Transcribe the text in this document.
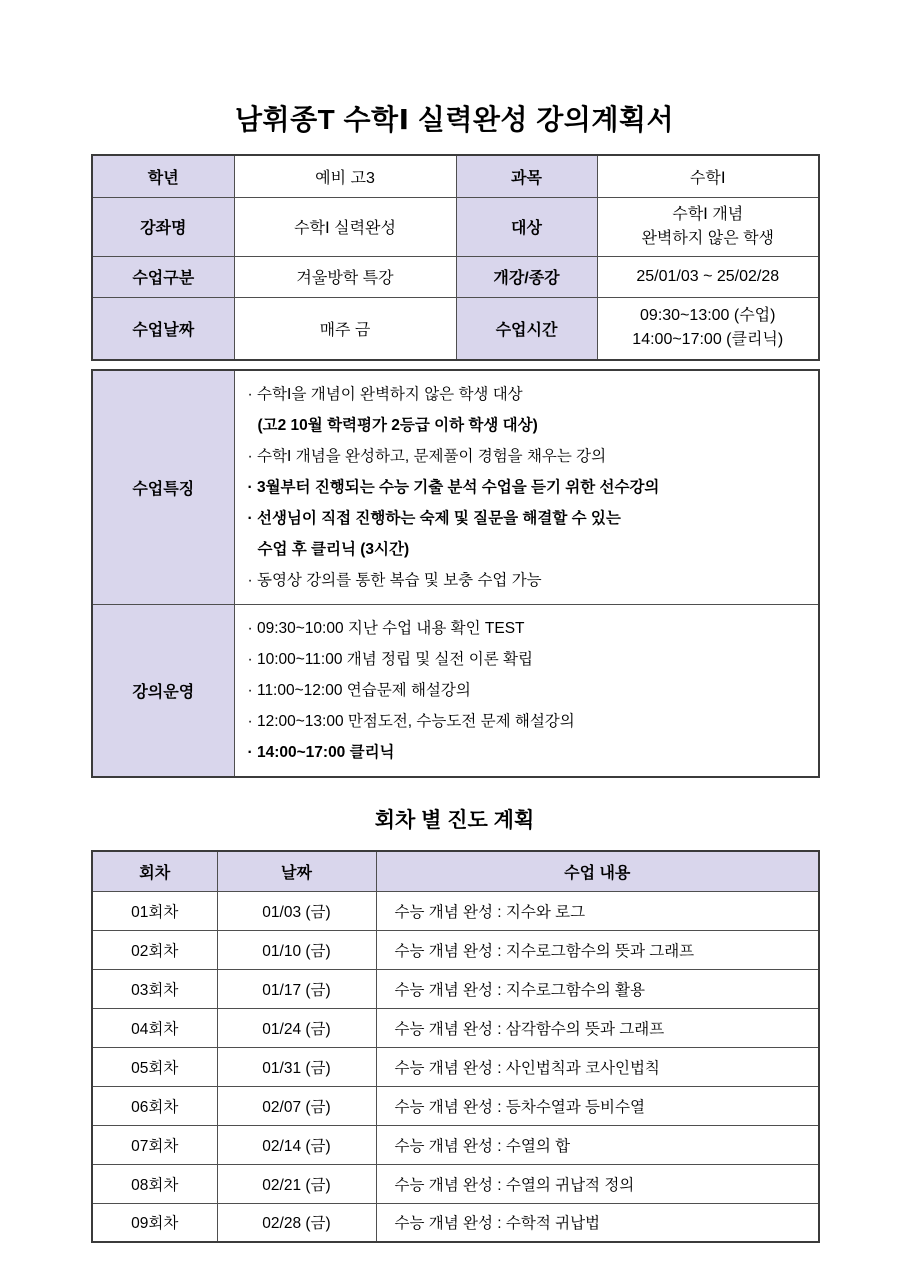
남휘종T 수학Ⅰ 실력완성 강의계획서
학년	예비 고3	과목	수학Ⅰ
강좌명	수학Ⅰ 실력완성	대상	수학Ⅰ 개념
완벽하지 않은 학생

수업구분	겨울방학 특강	개강/종강	25/01/03 ~ 25/02/28
수업날짜	매주 금	수업시간	09:30~13:00 (수업)
14:00~17:00 (클리닉)
수업특징	
· 수학Ⅰ을 개념이 완벽하지 않은 학생 대상
(고2 10월 학력평가 2등급 이하 학생 대상)
· 수학Ⅰ 개념을 완성하고, 문제풀이 경험을 채우는 강의
· 3월부터 진행되는 수능 기출 분석 수업을 듣기 위한 선수강의
· 선생님이 직접 진행하는 숙제 및 질문을 해결할 수 있는
수업 후 클리닉 (3시간)
· 동영상 강의를 통한 복습 및 보충 수업 가능

강의운영	· 09:30~10:00 지난 수업 내용 확인 TEST
· 10:00~11:00 개념 정립 및 실전 이론 확립
· 11:00~12:00 연습문제 해설강의
· 12:00~13:00 만점도전, 수능도전 문제 해설강의
· 14:00~17:00 클리닉
회차 별 진도 계획
회차	날짜	수업 내용
01회차	01/03 (금)	수능 개념 완성 : 지수와 로그
02회차	01/10 (금)	수능 개념 완성 : 지수로그함수의 뜻과 그래프
03회차	01/17 (금)	수능 개념 완성 : 지수로그함수의 활용
04회차	01/24 (금)	수능 개념 완성 : 삼각함수의 뜻과 그래프
05회차	01/31 (금)	수능 개념 완성 : 사인법칙과 코사인법칙
06회차	02/07 (금)	수능 개념 완성 : 등차수열과 등비수열
07회차	02/14 (금)	수능 개념 완성 : 수열의 합
08회차	02/21 (금)	수능 개념 완성 : 수열의 귀납적 정의
09회차	02/28 (금)	수능 개념 완성 : 수학적 귀납법
